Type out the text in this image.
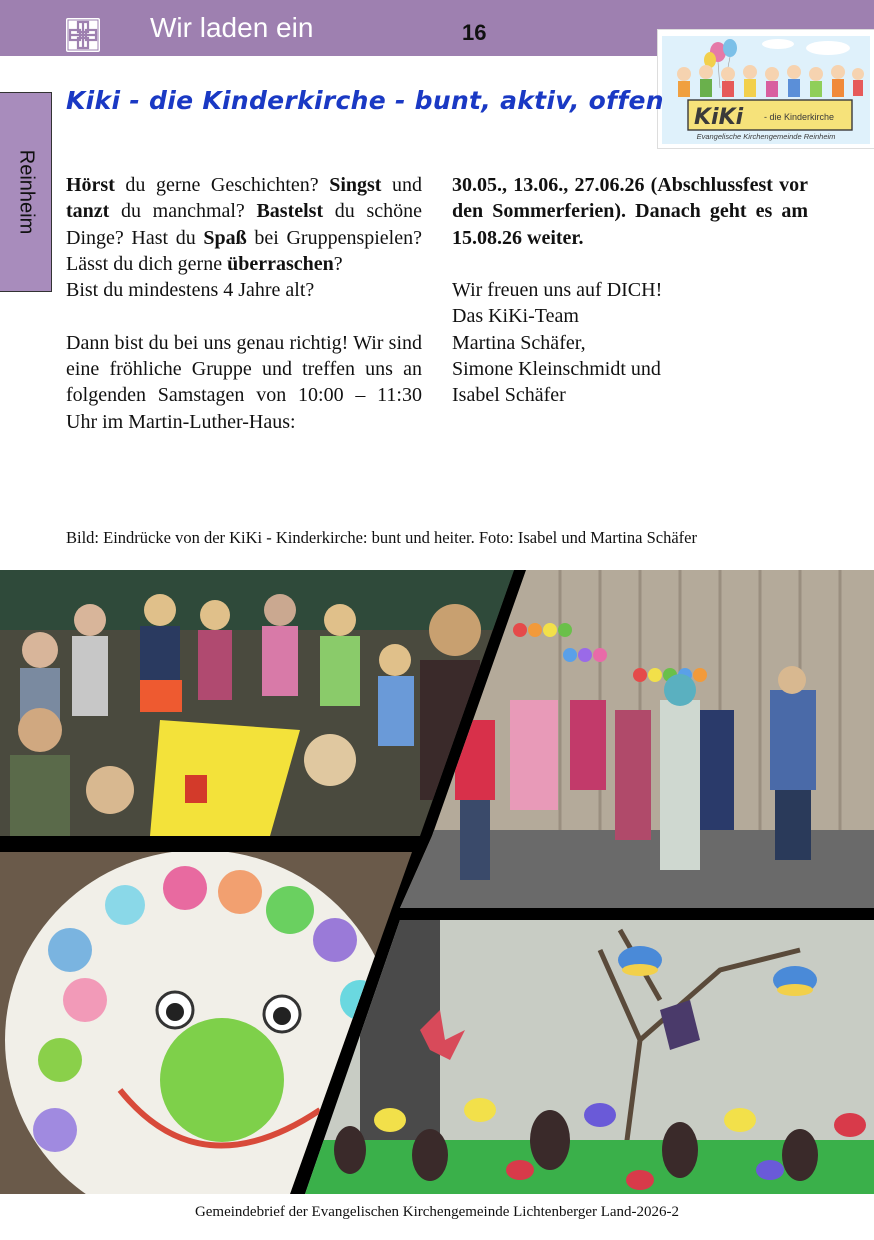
Wir laden ein	16
Reinheim
KiKi - die Kinderkirche
Evangelische Kirchengemeinde Reinheim
Kiki - die Kinderkirche - bunt, aktiv, offen

Hörst du gerne Geschichten? Singst und tanzt du manchmal? Bastelst du schöne Dinge? Hast du Spaß bei Gruppenspielen? Lässt du dich gerne überraschen?

Bist du mindestens 4 Jahre alt?

Dann bist du bei uns genau richtig! Wir sind eine fröhliche Gruppe und treffen uns an folgenden Samstagen von 10:00 – 11:30 Uhr im Martin-Luther-Haus:

30.05., 13.06., 27.06.26 (Abschlussfest vor den Sommerferien). Danach geht es am 15.08.26 weiter.

Wir freuen uns auf DICH!

Das KiKi-Team

Martina Schäfer,

Simone Kleinschmidt und

Isabel Schäfer

Bild: Eindrücke von der KiKi - Kinderkirche: bunt und heiter. Foto: Isabel und Martina Schäfer
Gemeindebrief der Evangelischen Kirchengemeinde Lichtenberger Land-2026-2
